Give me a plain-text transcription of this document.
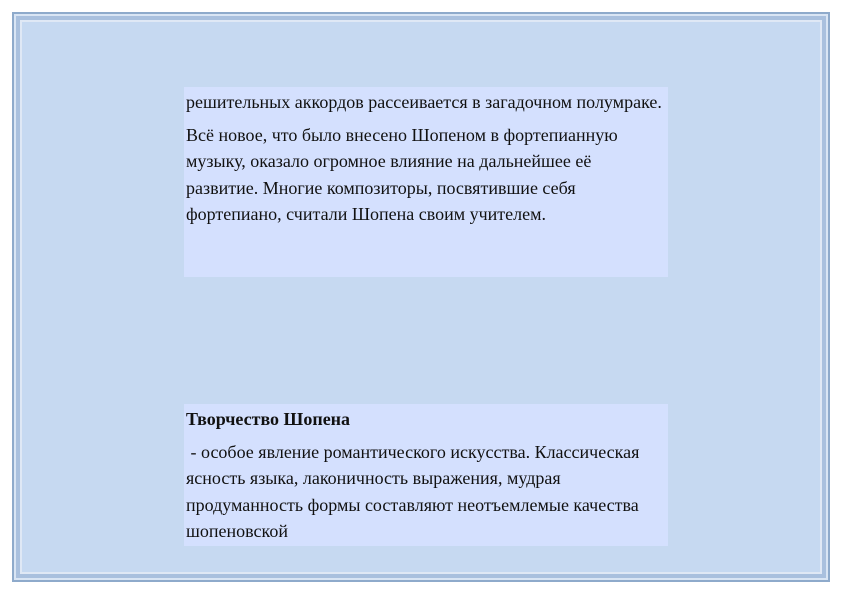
решительных аккордов рассеивается в загадочном полумраке.

Всё новое, что было внесено Шопеном в фортепианную музыку, оказало огромное влияние на дальнейшее её развитие. Многие композиторы, посвятившие себя фортепиано, считали Шопена своим учителем.

Творчество Шопена

- особое явление романтического искусства. Классическая ясность языка, лаконичность выражения, мудрая продуманность формы составляют неотъемлемые качества шопеновской
